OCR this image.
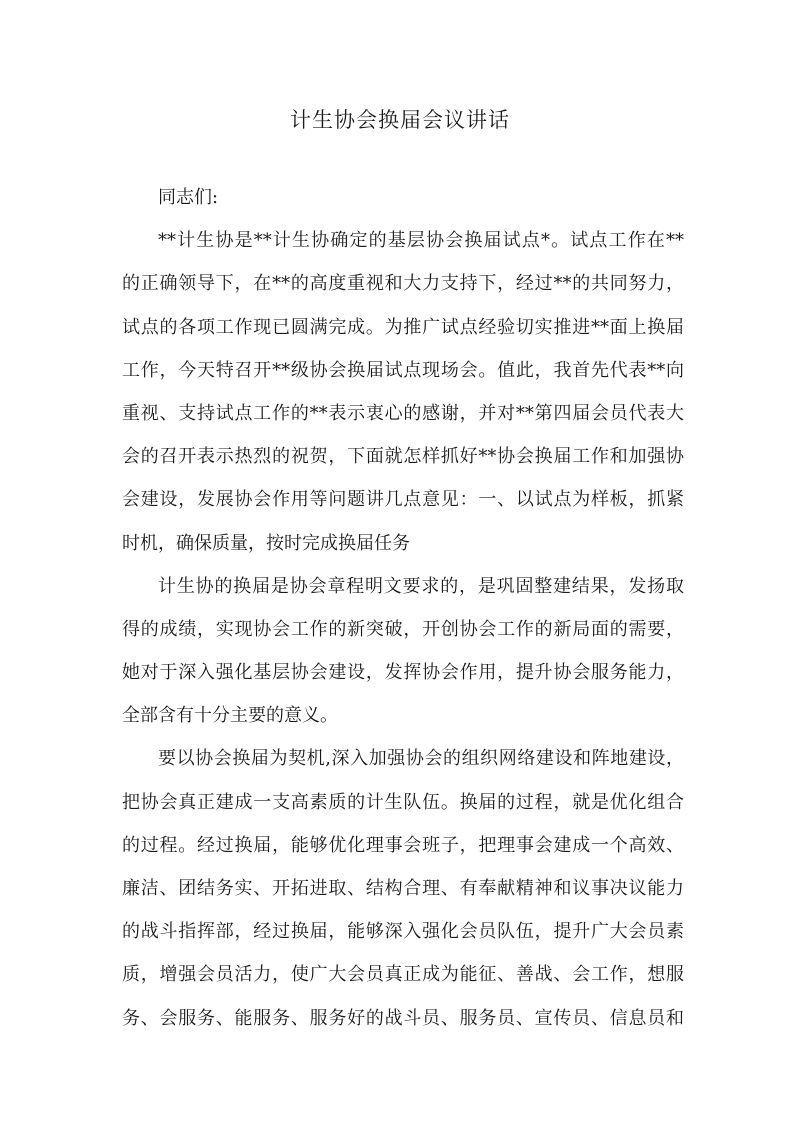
计生协会换届会议讲话
同志们:
**计生协是**计生协确定的基层协会换届试点*。试点工作在**
的正确领导下，在**的高度重视和大力支持下，经过**的共同努力，
试点的各项工作现已圆满完成。为推广试点经验切实推进**面上换届
工作，今天特召开**级协会换届试点现场会。值此，我首先代表**向
重视、支持试点工作的**表示衷心的感谢，并对**第四届会员代表大
会的召开表示热烈的祝贺，下面就怎样抓好**协会换届工作和加强协
会建设，发展协会作用等问题讲几点意见：一、以试点为样板，抓紧
时机，确保质量，按时完成换届任务
计生协的换届是协会章程明文要求的，是巩固整建结果，发扬取
得的成绩，实现协会工作的新突破，开创协会工作的新局面的需要，
她对于深入强化基层协会建设，发挥协会作用，提升协会服务能力，
全部含有十分主要的意义。
要以协会换届为契机,深入加强协会的组织网络建设和阵地建设，
把协会真正建成一支高素质的计生队伍。换届的过程，就是优化组合
的过程。经过换届，能够优化理事会班子，把理事会建成一个高效、
廉洁、团结务实、开拓进取、结构合理、有奉献精神和议事决议能力
的战斗指挥部，经过换届，能够深入强化会员队伍，提升广大会员素
质，增强会员活力，使广大会员真正成为能征、善战、会工作，想服
务、会服务、能服务、服务好的战斗员、服务员、宣传员、信息员和
